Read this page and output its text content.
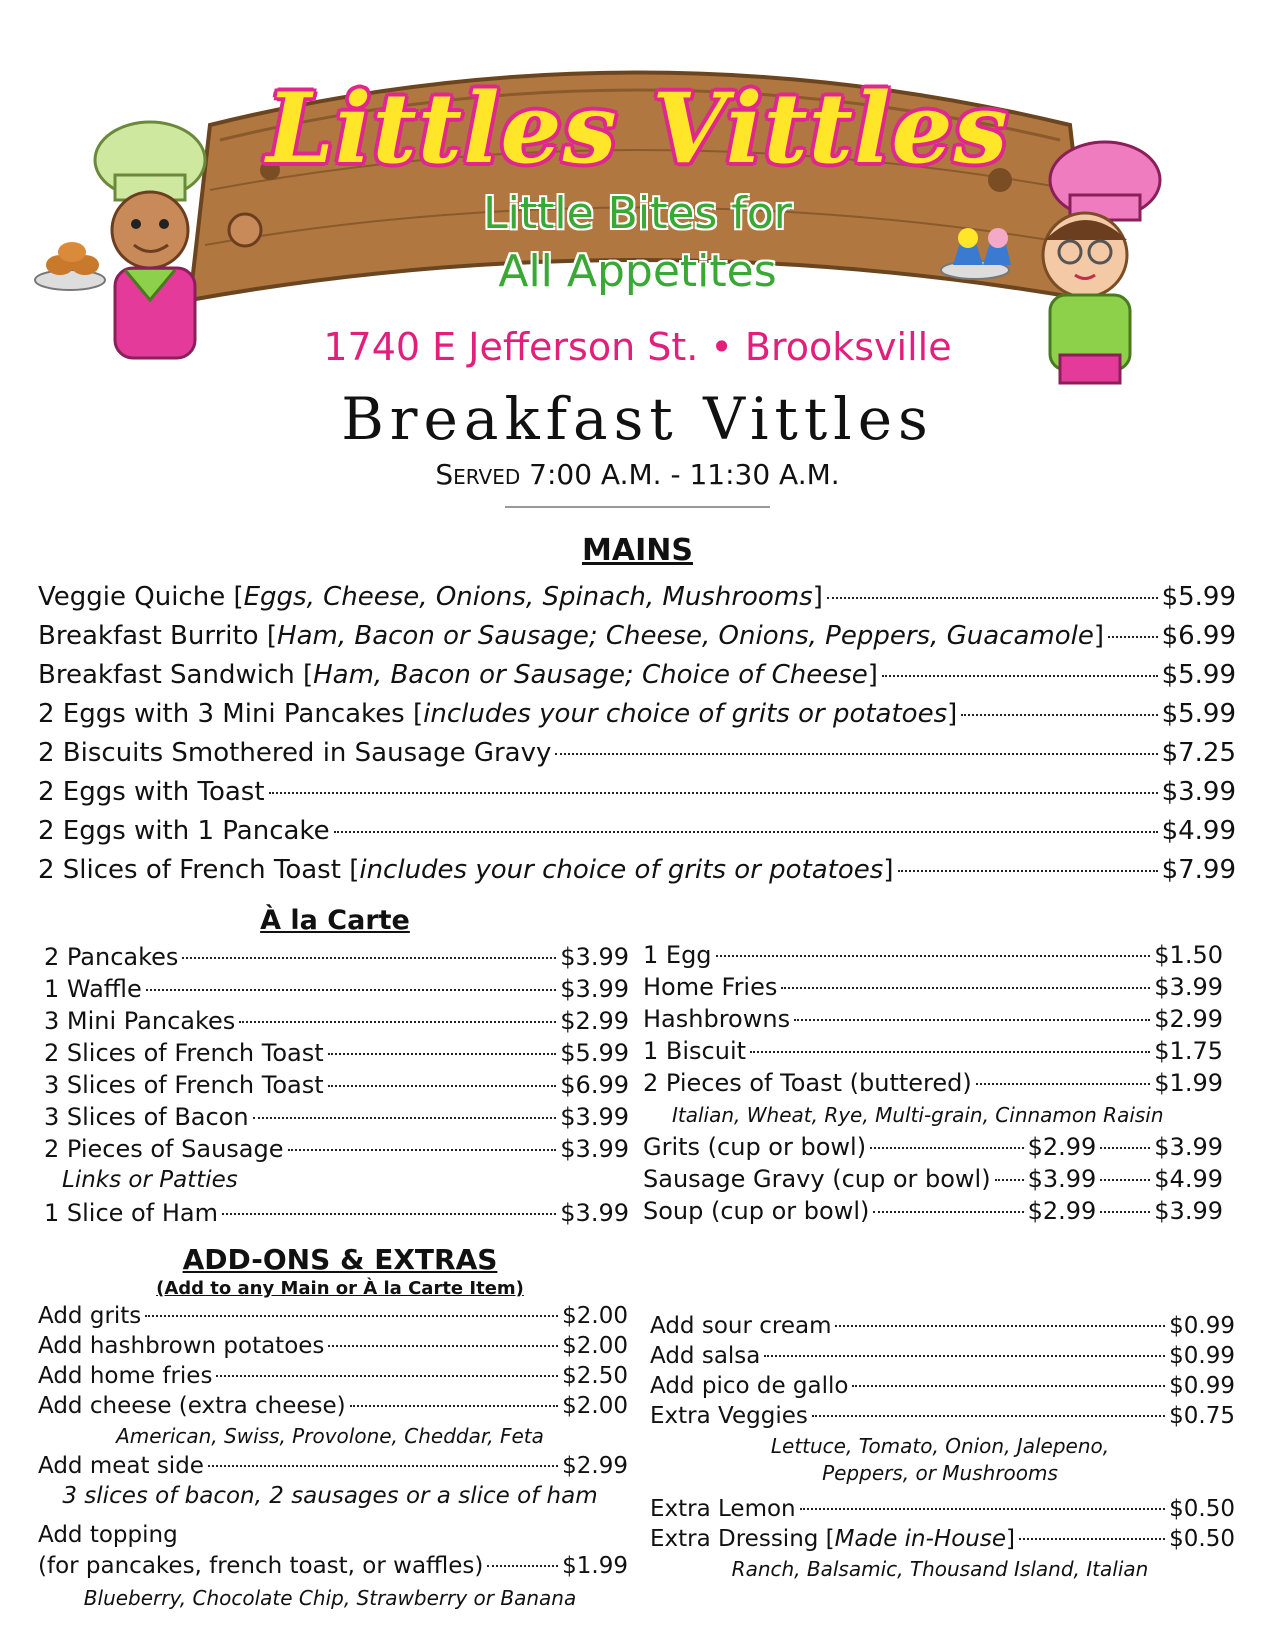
Littles Vittles
Little Bites for
All Appetites
1740 E Jefferson St. • Brooksville
Breakfast Vittles
Served 7:00 A.M. - 11:30 A.M.
MAINS
Veggie Quiche [Eggs, Cheese, Onions, Spinach, Mushrooms]	$5.99
Breakfast Burrito [Ham, Bacon or Sausage; Cheese, Onions, Peppers, Guacamole] $6.99
Breakfast Sandwich [Ham, Bacon or Sausage; Choice of Cheese]	$5.99
2 Eggs with 3 Mini Pancakes [includes your choice of grits or potatoes]	$5.99
2 Biscuits Smothered in Sausage Gravy	$7.25
2 Eggs with Toast	$3.99
2 Eggs with 1 Pancake	$4.99
2 Slices of French Toast [includes your choice of grits or potatoes]	$7.99
À la Carte
2 Pancakes	$3.99
1 Waffle	$3.99
3 Mini Pancakes	$2.99
2 Slices of French Toast	$5.99
3 Slices of French Toast	$6.99
3 Slices of Bacon	$3.99
2 Pieces of Sausage	$3.99
Links or Patties
1 Slice of Ham	$3.99
1 Egg	$1.50
Home Fries	$3.99
Hashbrowns	$2.99
1 Biscuit	$1.75
2 Pieces of Toast (buttered)	$1.99
Italian, Wheat, Rye, Multi-grain, Cinnamon Raisin
Grits (cup or bowl)	$2.99 $3.99
Sausage Gravy (cup or bowl) $3.99 $4.99
Soup (cup or bowl)	$2.99 $3.99
ADD-ONS & EXTRAS
(Add to any Main or À la Carte Item)
Add grits	$2.00
Add hashbrown potatoes	$2.00
Add home fries	$2.50
Add cheese (extra cheese)	$2.00
American, Swiss, Provolone, Cheddar, Feta
Add meat side	$2.99
3 slices of bacon, 2 sausages or a slice of ham
Add topping
(for pancakes, french toast, or waffles)	$1.99
Blueberry, Chocolate Chip, Strawberry or Banana
Add sour cream	$0.99
Add salsa	$0.99
Add pico de gallo	$0.99
Extra Veggies	$0.75
Lettuce, Tomato, Onion, Jalepeno,
Peppers, or Mushrooms
Extra Lemon	$0.50
Extra Dressing [Made in-House]	$0.50
Ranch, Balsamic, Thousand Island, Italian
